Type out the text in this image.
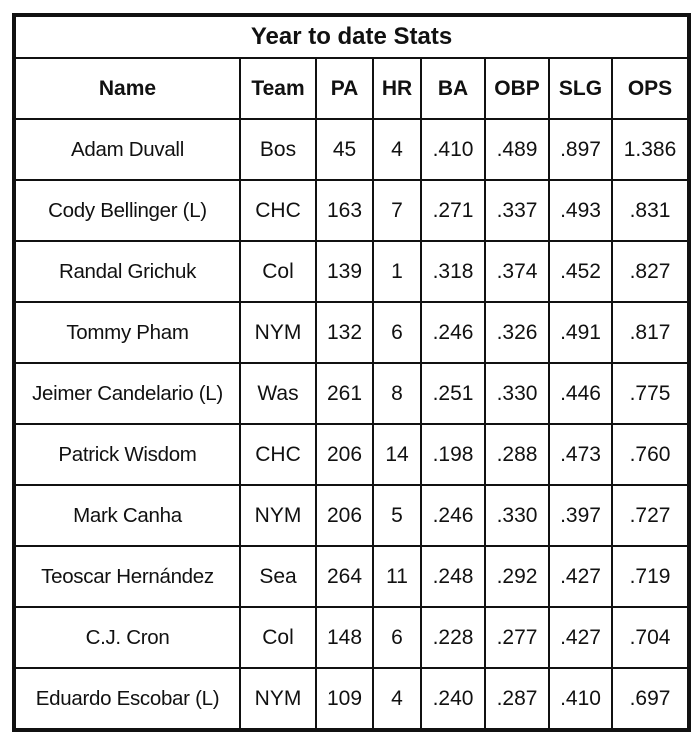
Year to date Stats							
Name	Team	PA	HR	BA	OBP	SLG	OPS
Adam Duvall	Bos	45	4	.410	.489	.897	1.386
Cody Bellinger (L)	CHC	163	7	.271	.337	.493	.831
Randal Grichuk	Col	139	1	.318	.374	.452	.827
Tommy Pham	NYM	132	6	.246	.326	.491	.817
Jeimer Candelario (L)	Was	261	8	.251	.330	.446	.775
Patrick Wisdom	CHC	206	14	.198	.288	.473	.760
Mark Canha	NYM	206	5	.246	.330	.397	.727
Teoscar Hernández	Sea	264	11	.248	.292	.427	.719
C.J. Cron	Col	148	6	.228	.277	.427	.704
Eduardo Escobar (L)	NYM	109	4	.240	.287	.410	.697
